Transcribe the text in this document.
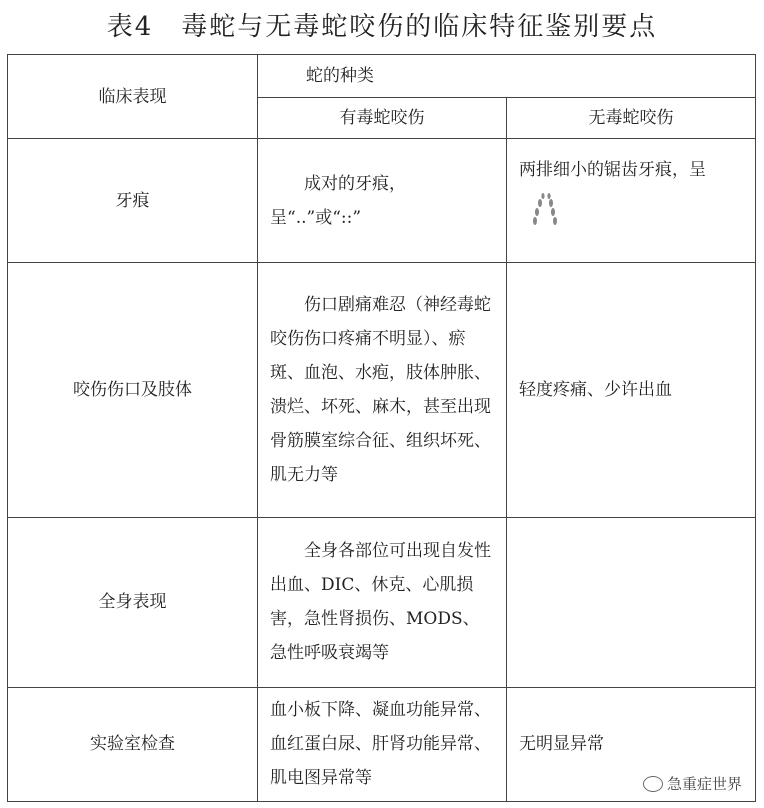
表4　毒蛇与无毒蛇咬伤的临床特征鉴别要点
临床表现	蛇的种类	
	有毒蛇咬伤	无毒蛇咬伤
牙痕	成对的牙痕，呈“..”或“::”	两排细小的锯齿牙痕，呈

咬伤伤口及肢体	伤口剧痛难忍（神经毒蛇咬伤伤口疼痛不明显）、瘀斑、血泡、水疱，肢体肿胀、溃烂、坏死、麻木，甚至出现骨筋膜室综合征、组织坏死、肌无力等	轻度疼痛、少许出血
全身表现	全身各部位可出现自发性出血、DIC、休克、心肌损害，急性肾损伤、MODS、急性呼吸衰竭等	
实验室检查	血小板下降、凝血功能异常、血红蛋白尿、肝肾功能异常、肌电图异常等	无明显异常
急重症世界
